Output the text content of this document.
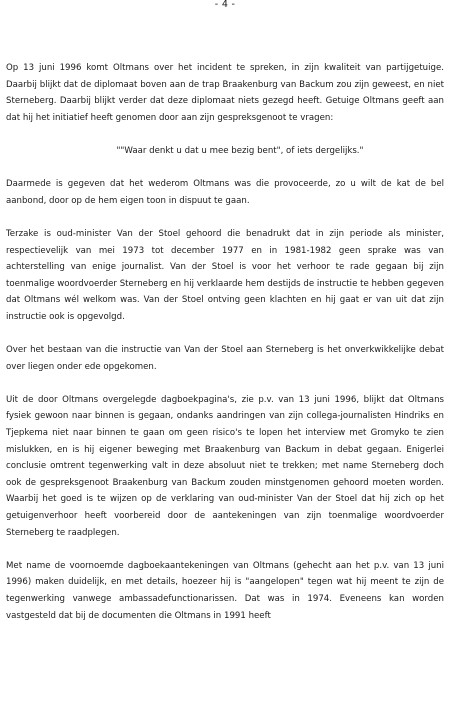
- 4 -

Op 13 juni 1996 komt Oltmans over het incident te spreken, in zijn kwaliteit van partijgetuige. Daarbij blijkt dat de diplomaat boven aan de trap Braakenburg van Backum zou zijn geweest, en niet Sterneberg. Daarbij blijkt verder dat deze diplomaat niets gezegd heeft. Getuige Oltmans geeft aan dat hij het initiatief heeft genomen door aan zijn gespreksgenoot te vragen:

""Waar denkt u dat u mee bezig bent", of iets dergelijks."

Daarmede is gegeven dat het wederom Oltmans was die provoceerde, zo u wilt de kat de bel aanbond, door op de hem eigen toon in dispuut te gaan.

Terzake is oud-minister Van der Stoel gehoord die benadrukt dat in zijn periode als minister, respectievelijk van mei 1973 tot december 1977 en in 1981-1982 geen sprake was van achterstelling van enige journalist. Van der Stoel is voor het verhoor te rade gegaan bij zijn toenmalige woordvoerder Sterneberg en hij verklaarde hem destijds de instructie te hebben gegeven dat Oltmans wél welkom was. Van der Stoel ontving geen klachten en hij gaat er van uit dat zijn instructie ook is opgevolgd.

Over het bestaan van die instructie van Van der Stoel aan Sterneberg is het onverkwikkelijke debat over liegen onder ede opgekomen.

Uit de door Oltmans overgelegde dagboekpagina's, zie p.v. van 13 juni 1996, blijkt dat Oltmans fysiek gewoon naar binnen is gegaan, ondanks aandringen van zijn collega-journalisten Hindriks en Tjepkema niet naar binnen te gaan om geen risico's te lopen het interview met Gromyko te zien mislukken, en is hij eigener beweging met Braakenburg van Backum in debat gegaan. Enigerlei conclusie omtrent tegenwerking valt in deze absoluut niet te trekken; met name Sterneberg doch ook de gespreksgenoot Braakenburg van Backum zouden minstgenomen gehoord moeten worden. Waarbij het goed is te wijzen op de verklaring van oud-minister Van der Stoel dat hij zich op het getuigenverhoor heeft voorbereid door de aantekeningen van zijn toenmalige woordvoerder Sterneberg te raadplegen.

Met name de voornoemde dagboekaantekeningen van Oltmans (gehecht aan het p.v. van 13 juni 1996) maken duidelijk, en met details, hoezeer hij is "aangelopen" tegen wat hij meent te zijn de tegenwerking vanwege ambassadefunctionarissen. Dat was in 1974. Eveneens kan worden vastgesteld dat bij de documenten die Oltmans in 1991 heeft
